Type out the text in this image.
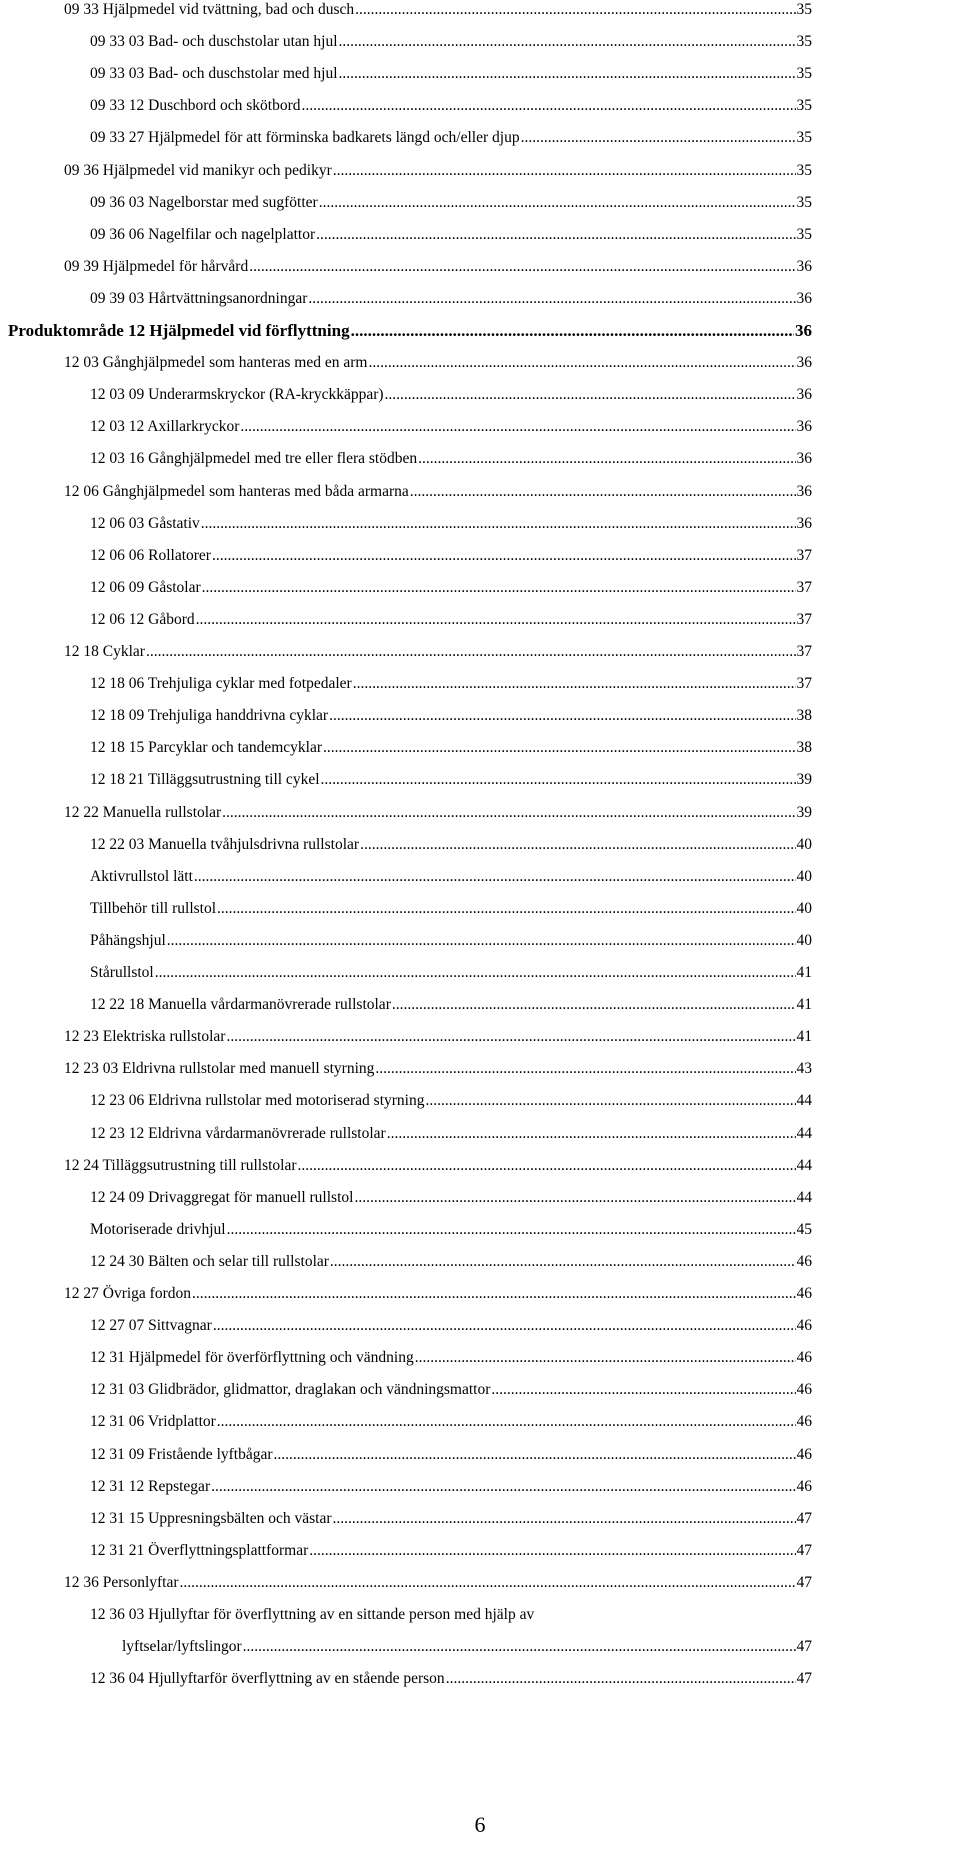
09 33 Hjälpmedel vid tvättning, bad och dusch .....	35
09 33 03 Bad- och duschstolar utan hjul .....	35
09 33 03 Bad- och duschstolar med hjul .....	35
09 33 12 Duschbord och skötbord .....	35
09 33 27 Hjälpmedel för att förminska badkarets längd och/eller djup .....	35
09 36 Hjälpmedel vid manikyr och pedikyr .....	35
09 36 03 Nagelborstar med sugfötter .....	35
09 36 06 Nagelfilar och nagelplattor .....	35
09 39 Hjälpmedel för hårvård .....	36
09 39 03 Hårtvättningsanordningar .....	36
Produktområde 12 Hjälpmedel vid förflyttning .....	36
12 03 Gånghjälpmedel som hanteras med en arm .....	36
12 03 09 Underarmskryckor (RA-kryckkäppar) .....	36
12 03 12 Axillarkryckor .....	36
12 03 16 Gånghjälpmedel med tre eller flera stödben .....	36
12 06 Gånghjälpmedel som hanteras med båda armarna .....	36
12 06 03 Gåstativ .....	36
12 06 06 Rollatorer .....	37
12 06 09 Gåstolar .....	37
12 06 12 Gåbord .....	37
12 18 Cyklar .....	37
12 18 06 Trehjuliga cyklar med fotpedaler .....	37
12 18 09 Trehjuliga handdrivna cyklar .....	38
12 18 15 Parcyklar och tandemcyklar .....	38
12 18 21 Tilläggsutrustning till cykel .....	39
12 22 Manuella rullstolar .....	39
12 22 03 Manuella tvåhjulsdrivna rullstolar .....	40
Aktivrullstol lätt .....	40
Tillbehör till rullstol .....	40
Påhängshjul .....	40
Stårullstol .....	41
12 22 18 Manuella vårdarmanövrerade rullstolar .....	41
12 23 Elektriska rullstolar .....	41
12 23 03 Eldrivna rullstolar med manuell styrning .....	43
12 23 06 Eldrivna rullstolar med motoriserad styrning .....	44
12 23 12 Eldrivna vårdarmanövrerade rullstolar .....	44
12 24 Tilläggsutrustning till rullstolar .....	44
12 24 09 Drivaggregat för manuell rullstol .....	44
Motoriserade drivhjul .....	45
12 24 30 Bälten och selar till rullstolar .....	46
12 27 Övriga fordon .....	46
12 27 07 Sittvagnar .....	46
12 31 Hjälpmedel för överförflyttning och vändning .....	46
12 31 03 Glidbrädor, glidmattor, draglakan och vändningsmattor .....	46
12 31 06 Vridplattor .....	46
12 31 09 Fristående lyftbågar .....	46
12 31 12 Repstegar .....	46
12 31 15 Uppresningsbälten och västar .....	47
12 31 21 Överflyttningsplattformar .....	47
12 36 Personlyftar .....	47
12 36 03 Hjullyftar för överflyttning av en sittande person med hjälp av
lyftselar/lyftslingor .....	47
12 36 04 Hjullyftarför överflyttning av en stående person .....	47
6
